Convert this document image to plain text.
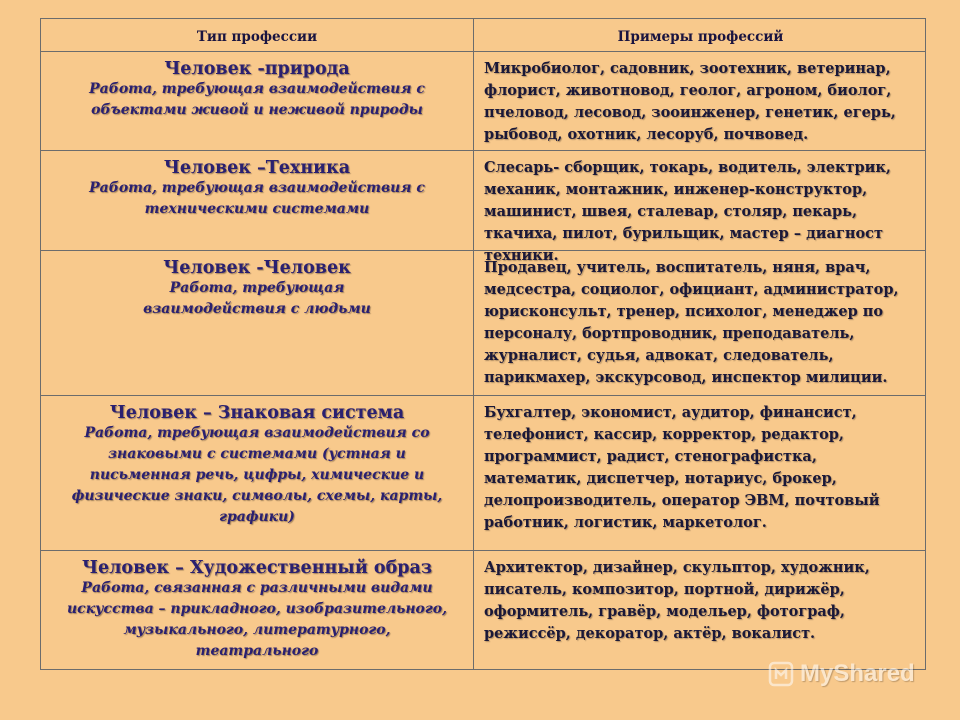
Тип профессии	Примеры профессий
Человек -природа
Работа, требующая взаимодействия с объектами живой и неживой природы
Микробиолог, садовник, зоотехник, ветеринар, флорист, животновод, геолог, агроном, биолог, пчеловод, лесовод, зооинженер, генетик, егерь, рыбовод, охотник, лесоруб, почвовед.
Человек –Техника
Работа, требующая взаимодействия с техническими системами
Слесарь- сборщик, токарь, водитель, электрик, механик, монтажник, инженер-конструктор, машинист, швея, сталевар, столяр, пекарь, ткачиха, пилот, бурильщик, мастер – диагност техники.
Человек -Человек
Работа, требующая взаимодействия с людьми
Продавец, учитель, воспитатель, няня, врач, медсестра, социолог, официант, администратор, юрисконсульт, тренер, психолог, менеджер по персоналу, бортпроводник, преподаватель, журналист, судья, адвокат, следователь, парикмахер, экскурсовод, инспектор милиции.
Человек – Знаковая система
Работа, требующая взаимодействия со знаковыми с системами (устная и письменная речь, цифры, химические и физические знаки, символы, схемы, карты, графики)
Бухгалтер, экономист, аудитор, финансист, телефонист, кассир, корректор, редактор, программист, радист, стенографистка, математик, диспетчер, нотариус, брокер, делопроизводитель, оператор ЭВМ, почтовый работник, логистик, маркетолог.
Человек – Художественный образ
Работа, связанная с различными видами искусства – прикладного, изобразительного, музыкального, литературного, театрального
Архитектор, дизайнер, скульптор, художник, писатель, композитор, портной, дирижёр, оформитель, гравёр, модельер, фотограф, режиссёр, декоратор, актёр, вокалист.
MyShared
